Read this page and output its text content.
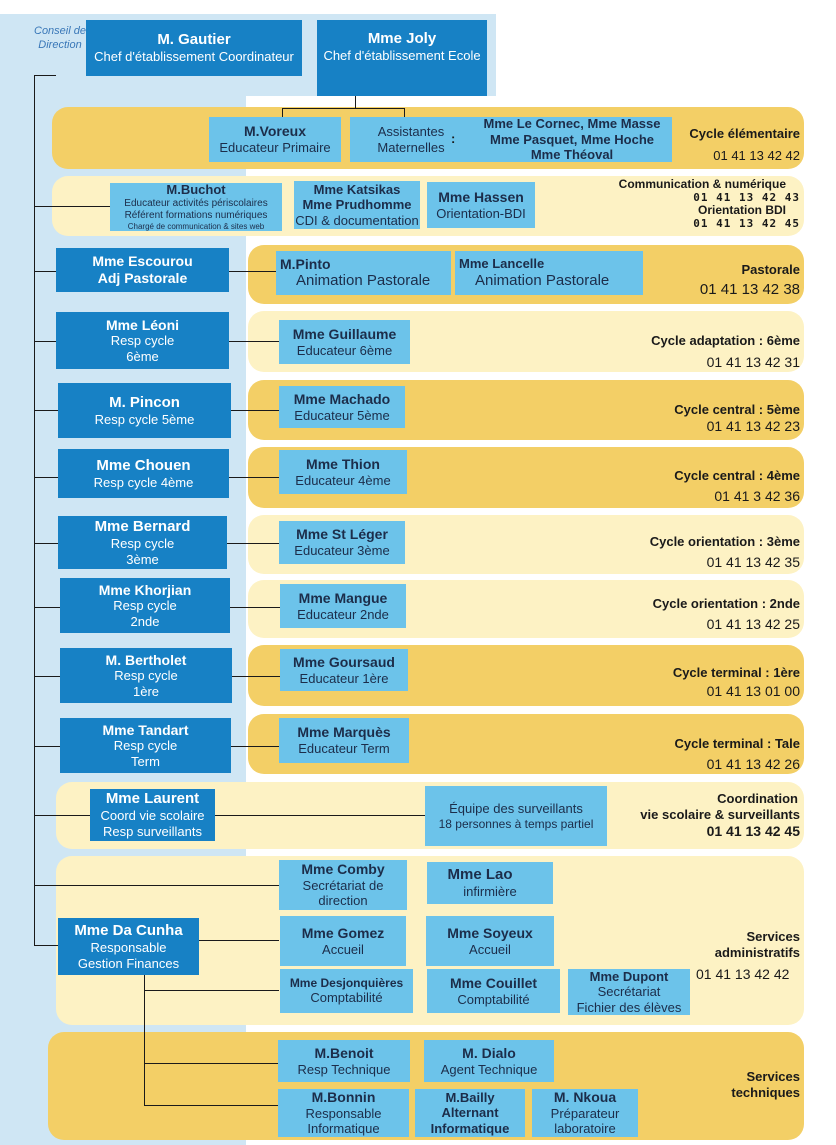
Conseil de Direction	M. Gautier
Chef d'établissement Coordinateur
Mme Joly
Chef d'établissement Ecole
M.Voreux
Educateur Primaire
Assistantes
Maternelles
:
Mme Le Cornec, Mme Masse
Mme Pasquet, Mme Hoche
Mme Théoval
Cycle élémentaire
01 41 13 42 42
M.Buchot
Educateur activités périscolaires
Référent formations numériques
Chargé de communication & sites web
Mme Katsikas
Mme Prudhomme
CDI & documentation
Mme Hassen
Orientation-BDI
Communication & numérique
01 41 13 42 43
Orientation BDI
01 41 13 42 45
Mme Escourou
Adj Pastorale
M.Pinto
Animation Pastorale
Mme Lancelle
Animation Pastorale
Pastorale
01 41 13 42 38
Mme Léoni
Resp cycle
6ème
Mme Guillaume
Educateur 6ème
Cycle adaptation : 6ème
01 41 13 42 31
M. Pincon
Resp cycle 5ème
Mme Machado
Educateur 5ème	Cycle central : 5ème
01 41 13 42 23
Mme Chouen
Resp cycle 4ème
Mme Thion
Educateur 4ème	Cycle central : 4ème
01 41 3 42 36
Mme Bernard
Resp cycle
3ème
Mme St Léger
Educateur 3ème
Cycle orientation : 3ème
01 41 13 42 35
Mme Khorjian
Resp cycle
2nde
Mme Mangue
Educateur 2nde
Cycle orientation : 2nde
01 41 13 42 25
M. Bertholet
Resp cycle
1ère
Mme Goursaud
Educateur 1ère	Cycle terminal : 1ère
01 41 13 01 00
Mme Tandart
Resp cycle
Term
Mme Marquès
Educateur Term	Cycle terminal : Tale
01 41 13 42 26
Mme Laurent
Coord vie scolaire
Resp surveillants
Équipe des surveillants
18 personnes à temps partiel
Coordination
vie scolaire & surveillants
01 41 13 42 45
Mme Da Cunha
Responsable
Gestion Finances
Mme Comby
Secrétariat de
direction
Mme Lao
infirmière
Mme Gomez
Accueil
Mme Soyeux
Accueil
Mme Desjonquières
Comptabilité
Mme Couillet
Comptabilité
Mme Dupont
Secrétariat
Fichier des élèves
Services
administratifs
01 41 13 42 42
M.Benoit
Resp Technique
M. Dialo
Agent Technique
M.Bonnin
Responsable
Informatique
M.Bailly
Alternant
Informatique
M. Nkoua
Préparateur
laboratoire
Services
techniques
